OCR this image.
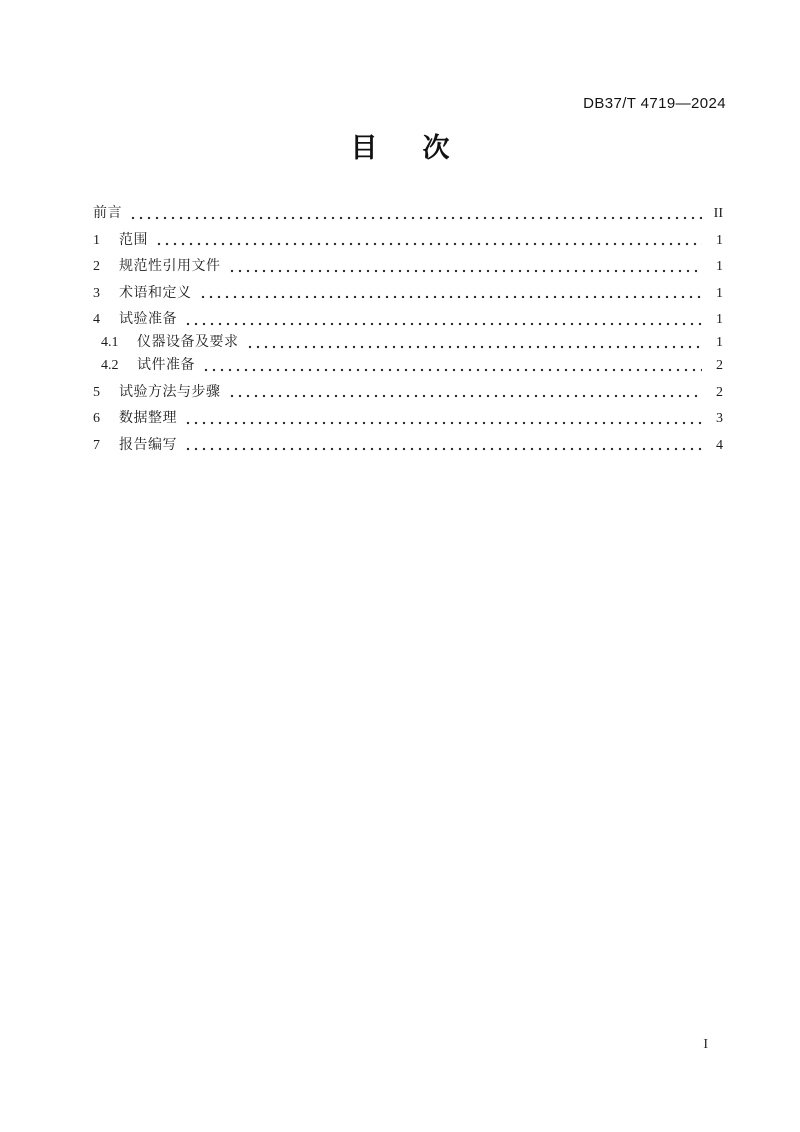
DB37/T 4719—2024
目 次
前言	II
1	范围	1
2	规范性引用文件	1
3	术语和定义	1
4	试验准备	1
4.1	仪器设备及要求	1
4.2	试件准备	2
5	试验方法与步骤	2
6	数据整理	3
7	报告编写	4
I
